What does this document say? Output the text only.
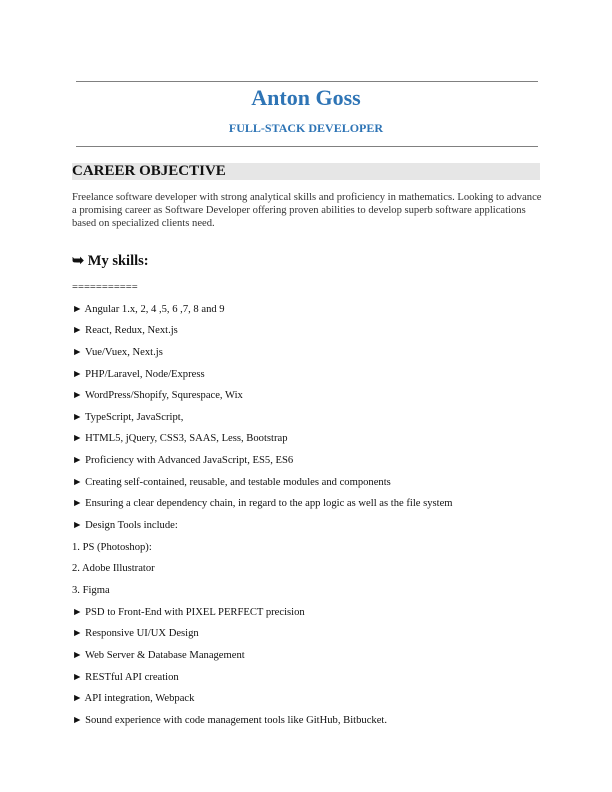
Anton Goss
FULL-STACK DEVELOPER
CAREER OBJECTIVE
Freelance software developer with strong analytical skills and proficiency in mathematics. Looking to advance a promising career as Software Developer offering proven abilities to develop superb software applications based on specialized clients need.
➥ My skills:
===========
► Angular 1.x, 2, 4 ,5, 6 ,7, 8 and 9
► React, Redux, Next.js
► Vue/Vuex, Next.js
► PHP/Laravel, Node/Express
► WordPress/Shopify, Squrespace, Wix
► TypeScript, JavaScript,
► HTML5, jQuery, CSS3, SAAS, Less, Bootstrap
► Proficiency with Advanced JavaScript, ES5, ES6
► Creating self-contained, reusable, and testable modules and components
► Ensuring a clear dependency chain, in regard to the app logic as well as the file system
► Design Tools include:
1. PS (Photoshop):
2. Adobe Illustrator
3. Figma
► PSD to Front-End with PIXEL PERFECT precision
► Responsive UI/UX Design
► Web Server & Database Management
► RESTful API creation
► API integration, Webpack
► Sound experience with code management tools like GitHub, Bitbucket.
